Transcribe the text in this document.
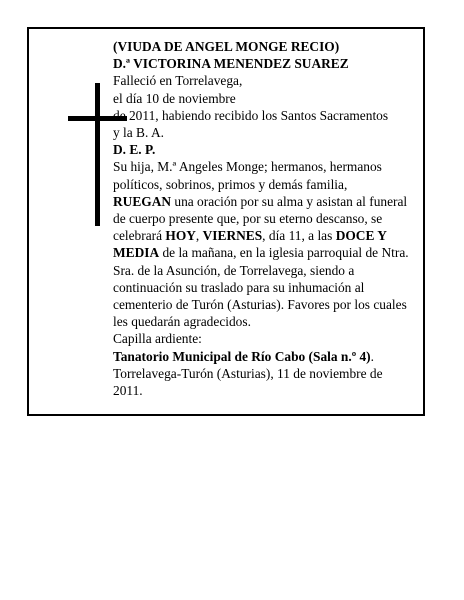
(VIUDA DE ANGEL MONGE RECIO)

D.ª VICTORINA MENENDEZ SUAREZ

Falleció en Torrelavega,

el día 10 de noviembre

de 2011, habiendo recibido los Santos Sacramentos

y la B. A.

D. E. P.

Su hija, M.ª Angeles Monge; hermanos, hermanos

políticos, sobrinos, primos y demás familia,

RUEGAN una oración por su alma y asistan al funeral

de cuerpo presente que, por su eterno descanso, se

celebrará HOY, VIERNES, día 11, a las DOCE Y

MEDIA de la mañana, en la iglesia parroquial de Ntra.

Sra. de la Asunción, de Torrelavega, siendo a

continuación su traslado para su inhumación al

cementerio de Turón (Asturias). Favores por los cuales

les quedarán agradecidos.

Capilla ardiente:

Tanatorio Municipal de Río Cabo (Sala n.º 4).

Torrelavega-Turón (Asturias), 11 de noviembre de

2011.
